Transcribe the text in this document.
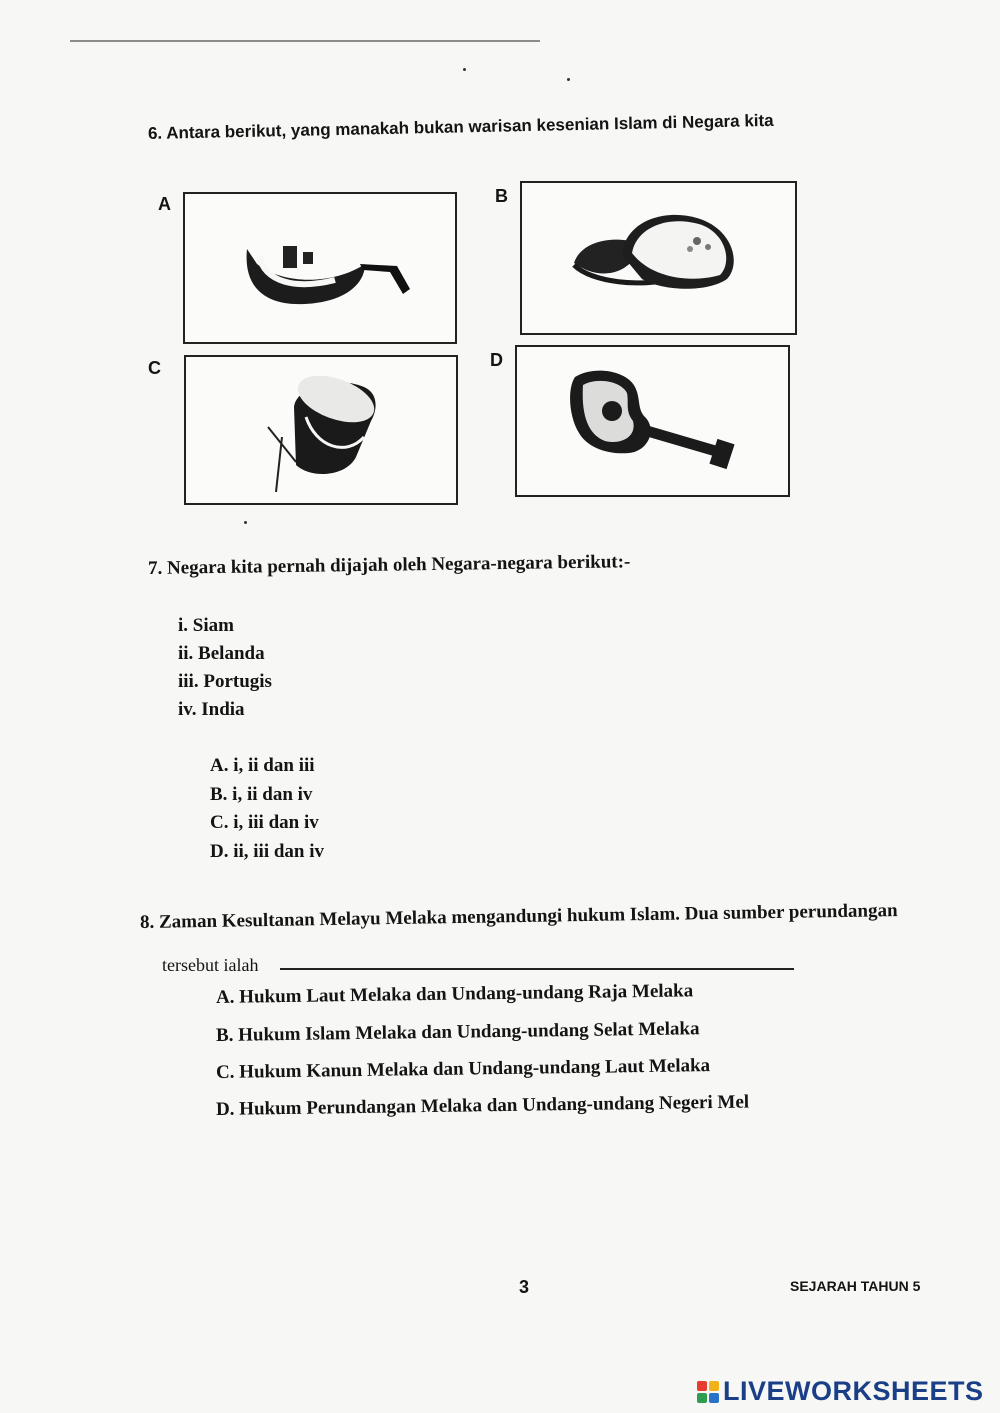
6. Antara berikut, yang manakah bukan warisan kesenian Islam di Negara kita
A	B
C	D
7. Negara kita pernah dijajah oleh Negara-negara berikut:-
i. Siam
ii. Belanda
iii. Portugis
iv. India
A. i, ii dan iii
B. i, ii dan iv
C. i, iii dan iv
D. ii, iii dan iv
8. Zaman Kesultanan Melayu Melaka mengandungi hukum Islam. Dua sumber perundangan
tersebut ialah
A. Hukum Laut Melaka dan Undang-undang Raja Melaka
B. Hukum Islam Melaka dan Undang-undang Selat Melaka
C. Hukum Kanun Melaka dan Undang-undang Laut Melaka
D. Hukum Perundangan Melaka dan Undang-undang Negeri Mel
3	SEJARAH TAHUN 5
LIVEWORKSHEETS
